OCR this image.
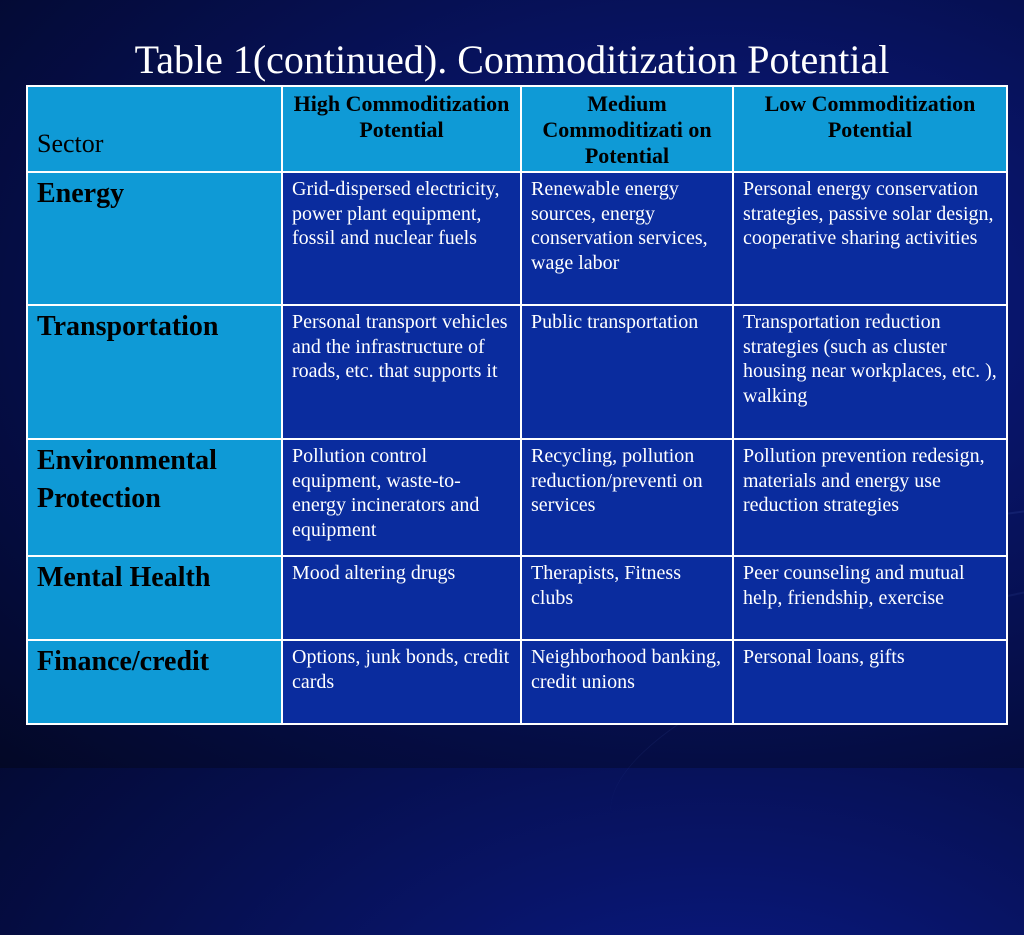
Table 1(continued). Commoditization Potential
Sector	High Commoditization Potential	Medium Commoditizati on Potential	Low Commoditization Potential
Energy	Grid-dispersed electricity, power plant equipment, fossil and nuclear fuels	Renewable energy sources, energy conservation services, wage labor	Personal energy conservation strategies, passive solar design, cooperative sharing activities
Transportation	Personal transport vehicles and the infrastructure of roads, etc. that supports it	Public transportation	Transportation reduction strategies (such as cluster housing near workplaces, etc. ), walking
Environmental Protection	Pollution control equipment, waste-to-energy incinerators and equipment	Recycling, pollution reduction/preventi on services	Pollution prevention redesign, materials and energy use reduction strategies
Mental Health	Mood altering drugs	Therapists, Fitness clubs	Peer counseling and mutual help, friendship, exercise
Finance/credit	Options, junk bonds, credit cards	Neighborhood banking, credit unions	Personal loans, gifts
